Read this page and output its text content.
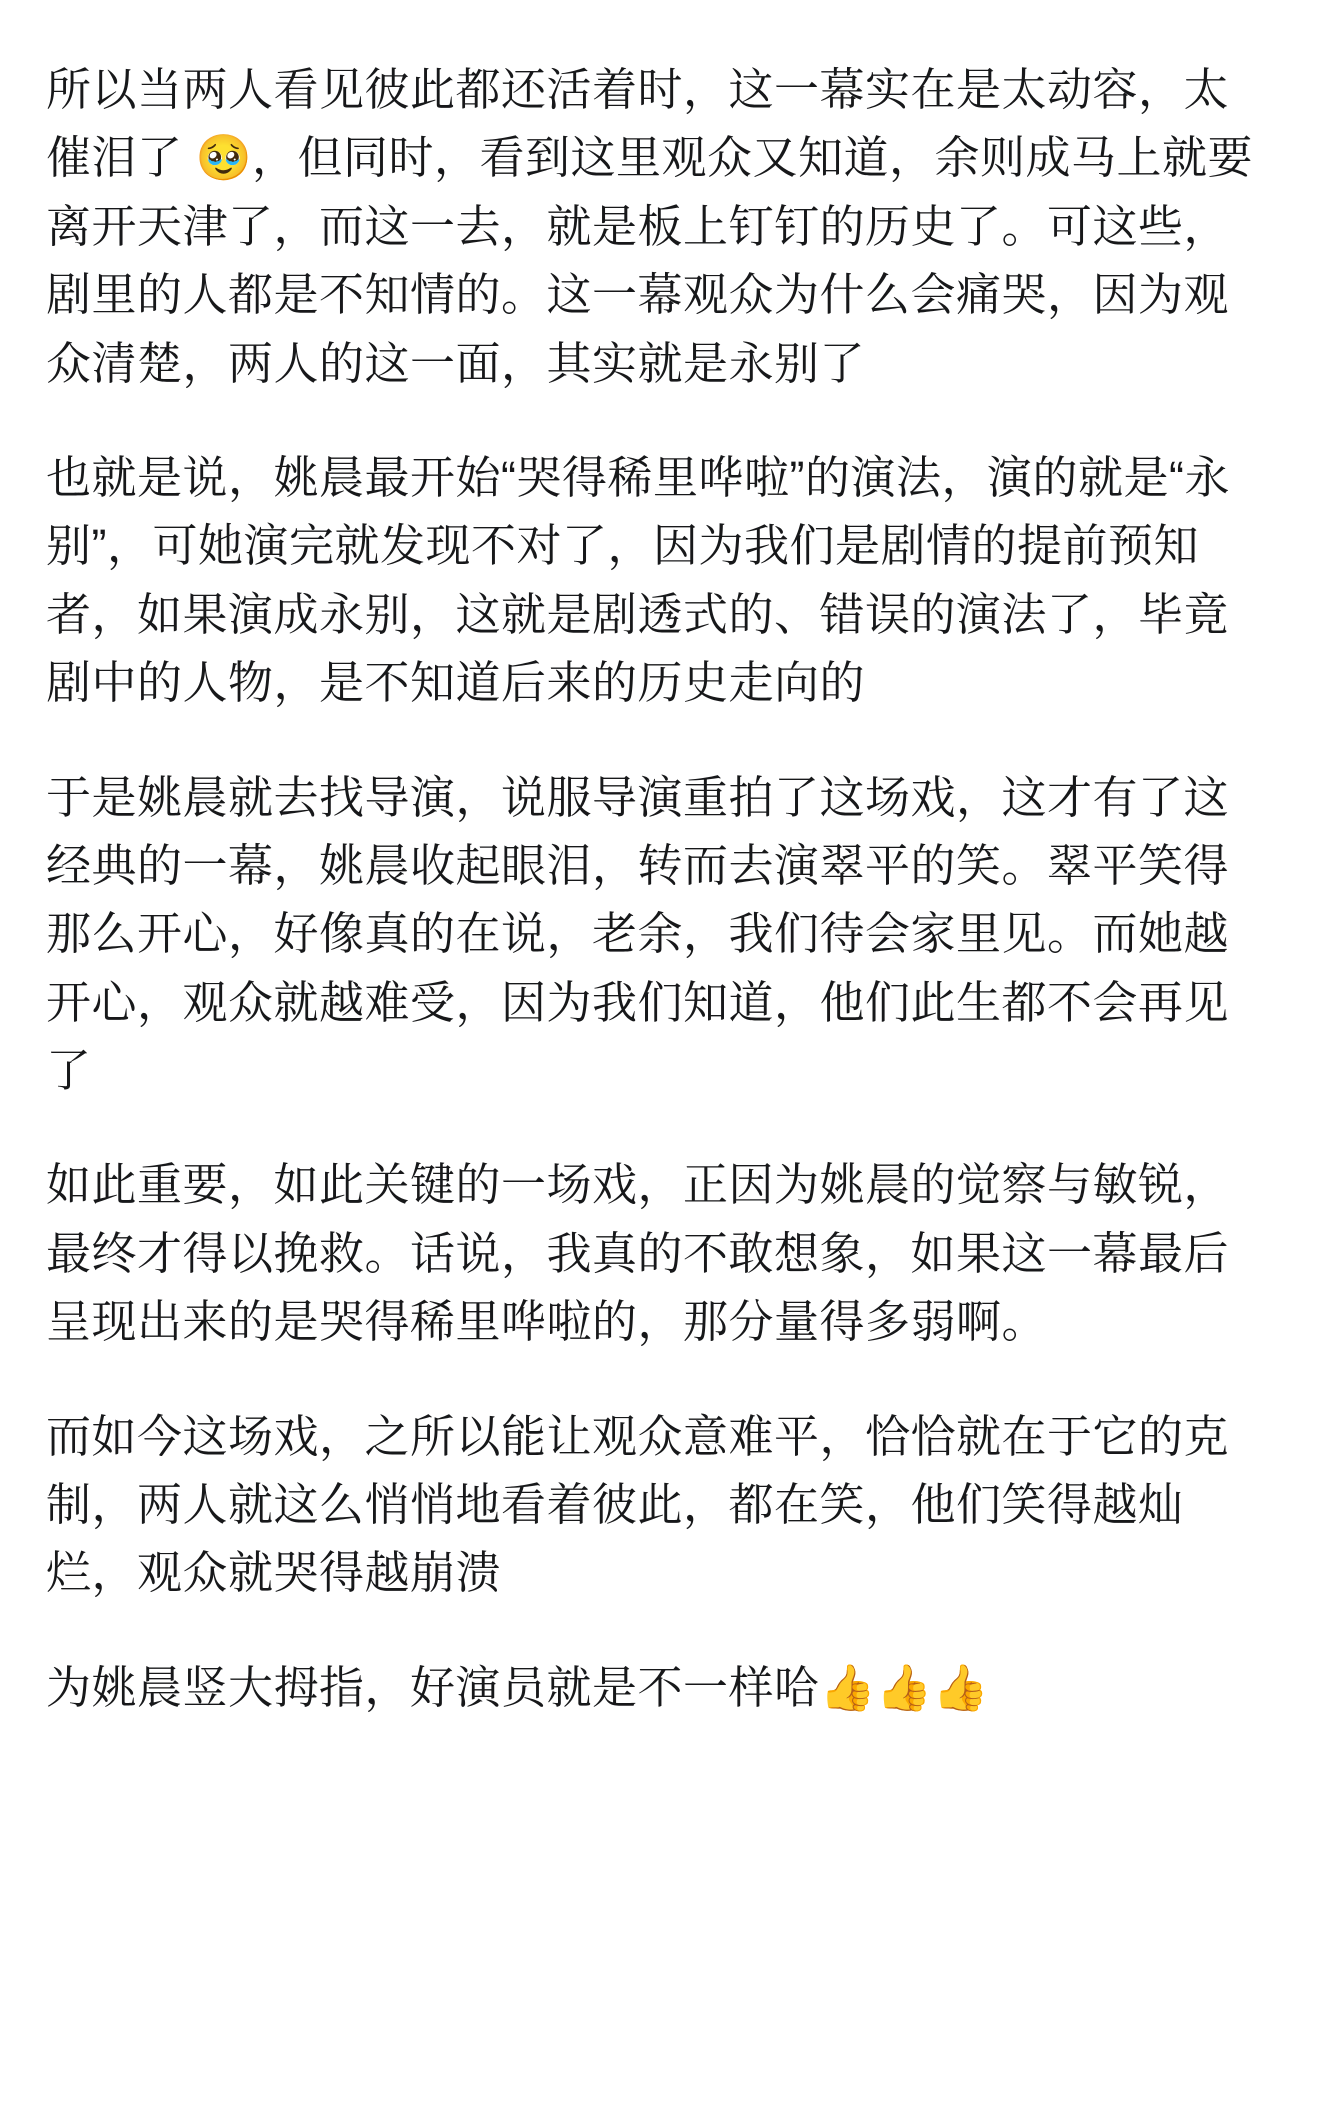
所以当两人看见彼此都还活着时，这一幕实在是太动容，太催泪了 🥹，但同时，看到这里观众又知道，余则成马上就要离开天津了，而这一去，就是板上钉钉的历史了。可这些，剧里的人都是不知情的。这一幕观众为什么会痛哭，因为观众清楚，两人的这一面，其实就是永别了

也就是说，姚晨最开始“哭得稀里哗啦”的演法，演的就是“永别”，可她演完就发现不对了，因为我们是剧情的提前预知者，如果演成永别，这就是剧透式的、错误的演法了，毕竟剧中的人物，是不知道后来的历史走向的

于是姚晨就去找导演，说服导演重拍了这场戏，这才有了这经典的一幕，姚晨收起眼泪，转而去演翠平的笑。翠平笑得那么开心，好像真的在说，老余，我们待会家里见。而她越开心，观众就越难受，因为我们知道，他们此生都不会再见了

如此重要，如此关键的一场戏，正因为姚晨的觉察与敏锐，最终才得以挽救。话说，我真的不敢想象，如果这一幕最后呈现出来的是哭得稀里哗啦的，那分量得多弱啊。

而如今这场戏，之所以能让观众意难平，恰恰就在于它的克制，两人就这么悄悄地看着彼此，都在笑，他们笑得越灿烂，观众就哭得越崩溃

为姚晨竖大拇指，好演员就是不一样哈👍👍👍
